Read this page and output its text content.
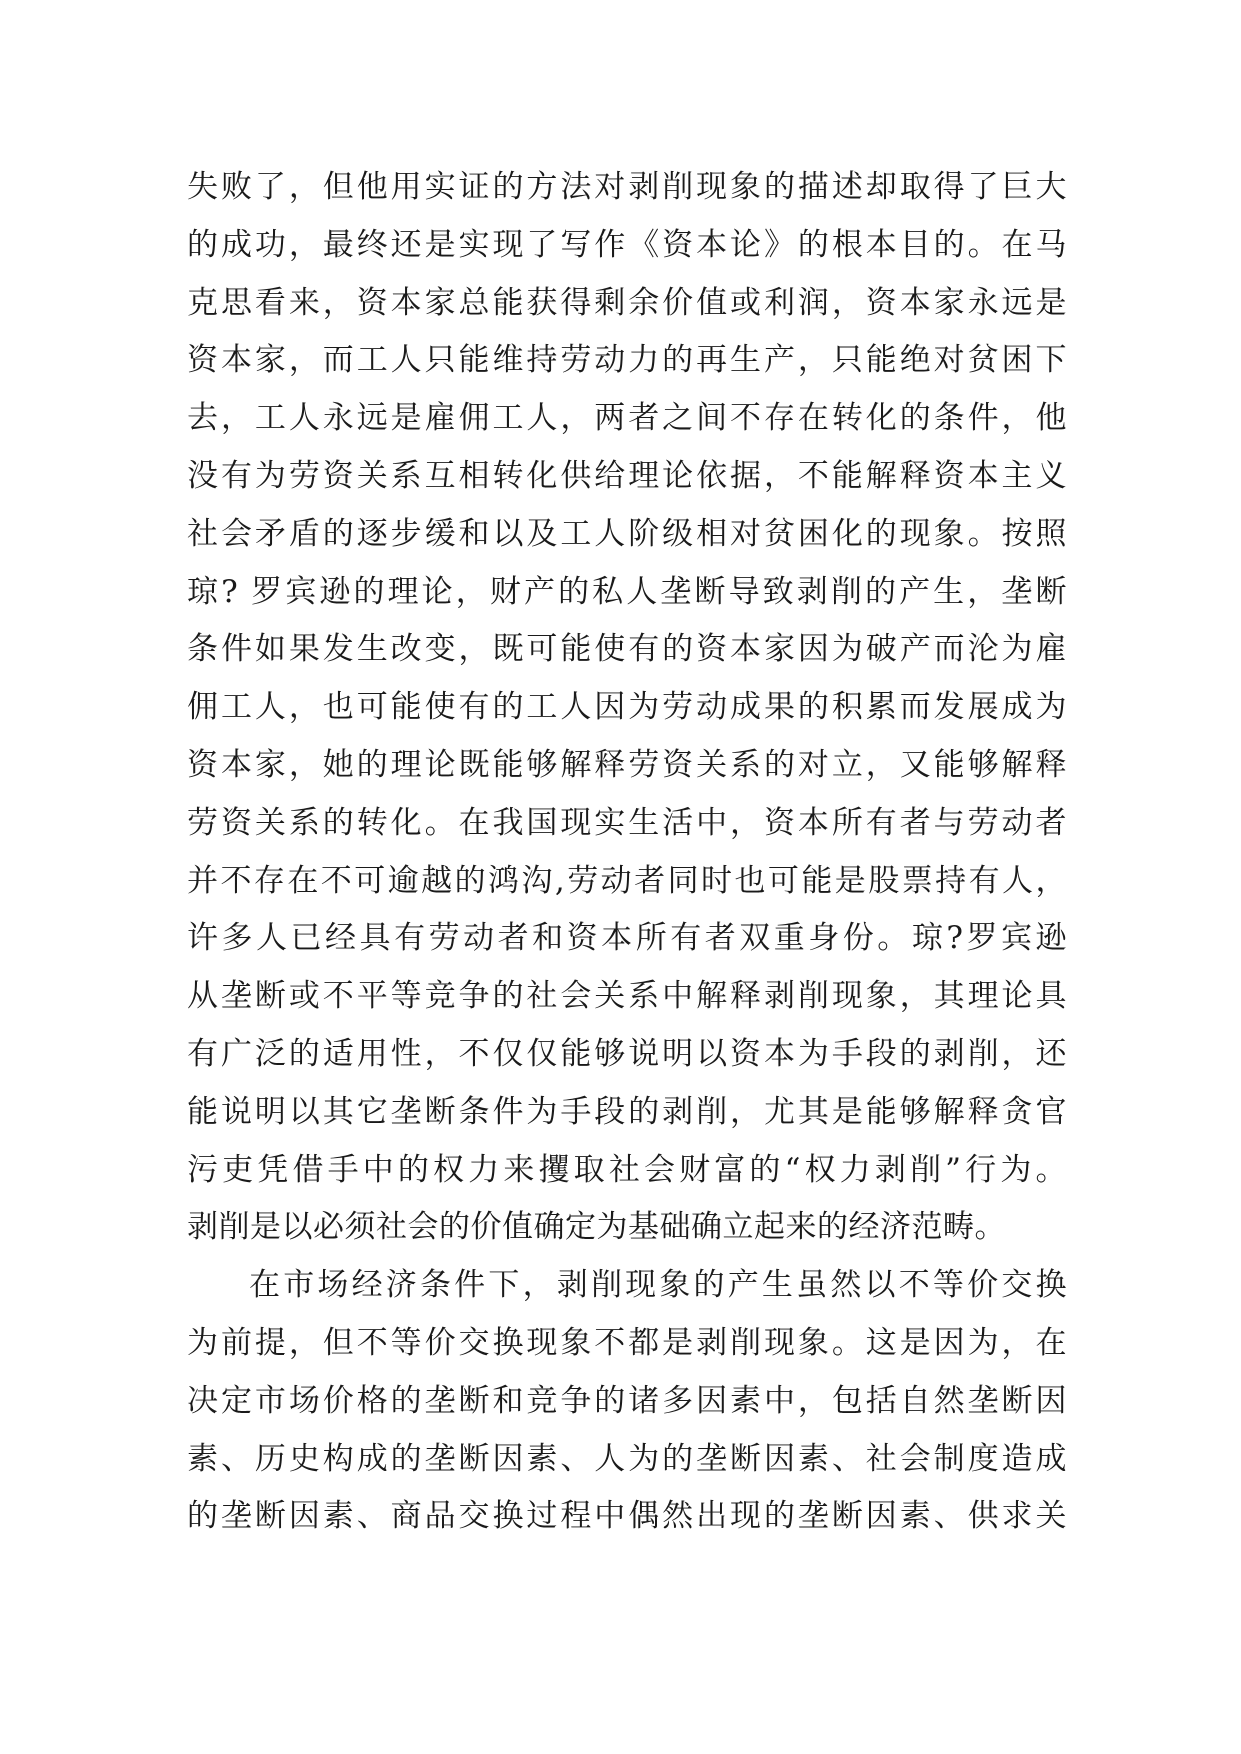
失败了，但他用实证的方法对剥削现象的描述却取得了巨大
的成功，最终还是实现了写作《资本论》的根本目的。在马
克思看来，资本家总能获得剩余价值或利润，资本家永远是
资本家，而工人只能维持劳动力的再生产，只能绝对贫困下
去，工人永远是雇佣工人，两者之间不存在转化的条件，他
没有为劳资关系互相转化供给理论依据，不能解释资本主义
社会矛盾的逐步缓和以及工人阶级相对贫困化的现象。按照
琼? 罗宾逊的理论，财产的私人垄断导致剥削的产生，垄断
条件如果发生改变，既可能使有的资本家因为破产而沦为雇
佣工人，也可能使有的工人因为劳动成果的积累而发展成为
资本家，她的理论既能够解释劳资关系的对立，又能够解释
劳资关系的转化。在我国现实生活中，资本所有者与劳动者
并不存在不可逾越的鸿沟,劳动者同时也可能是股票持有人，
许多人已经具有劳动者和资本所有者双重身份。琼?罗宾逊
从垄断或不平等竞争的社会关系中解释剥削现象，其理论具
有广泛的适用性，不仅仅能够说明以资本为手段的剥削，还
能说明以其它垄断条件为手段的剥削，尤其是能够解释贪官
污吏凭借手中的权力来攫取社会财富的“权力剥削”行为。
剥削是以必须社会的价值确定为基础确立起来的经济范畴。
在市场经济条件下，剥削现象的产生虽然以不等价交换
为前提，但不等价交换现象不都是剥削现象。这是因为，在
决定市场价格的垄断和竞争的诸多因素中，包括自然垄断因
素、历史构成的垄断因素、人为的垄断因素、社会制度造成
的垄断因素、商品交换过程中偶然出现的垄断因素、供求关
